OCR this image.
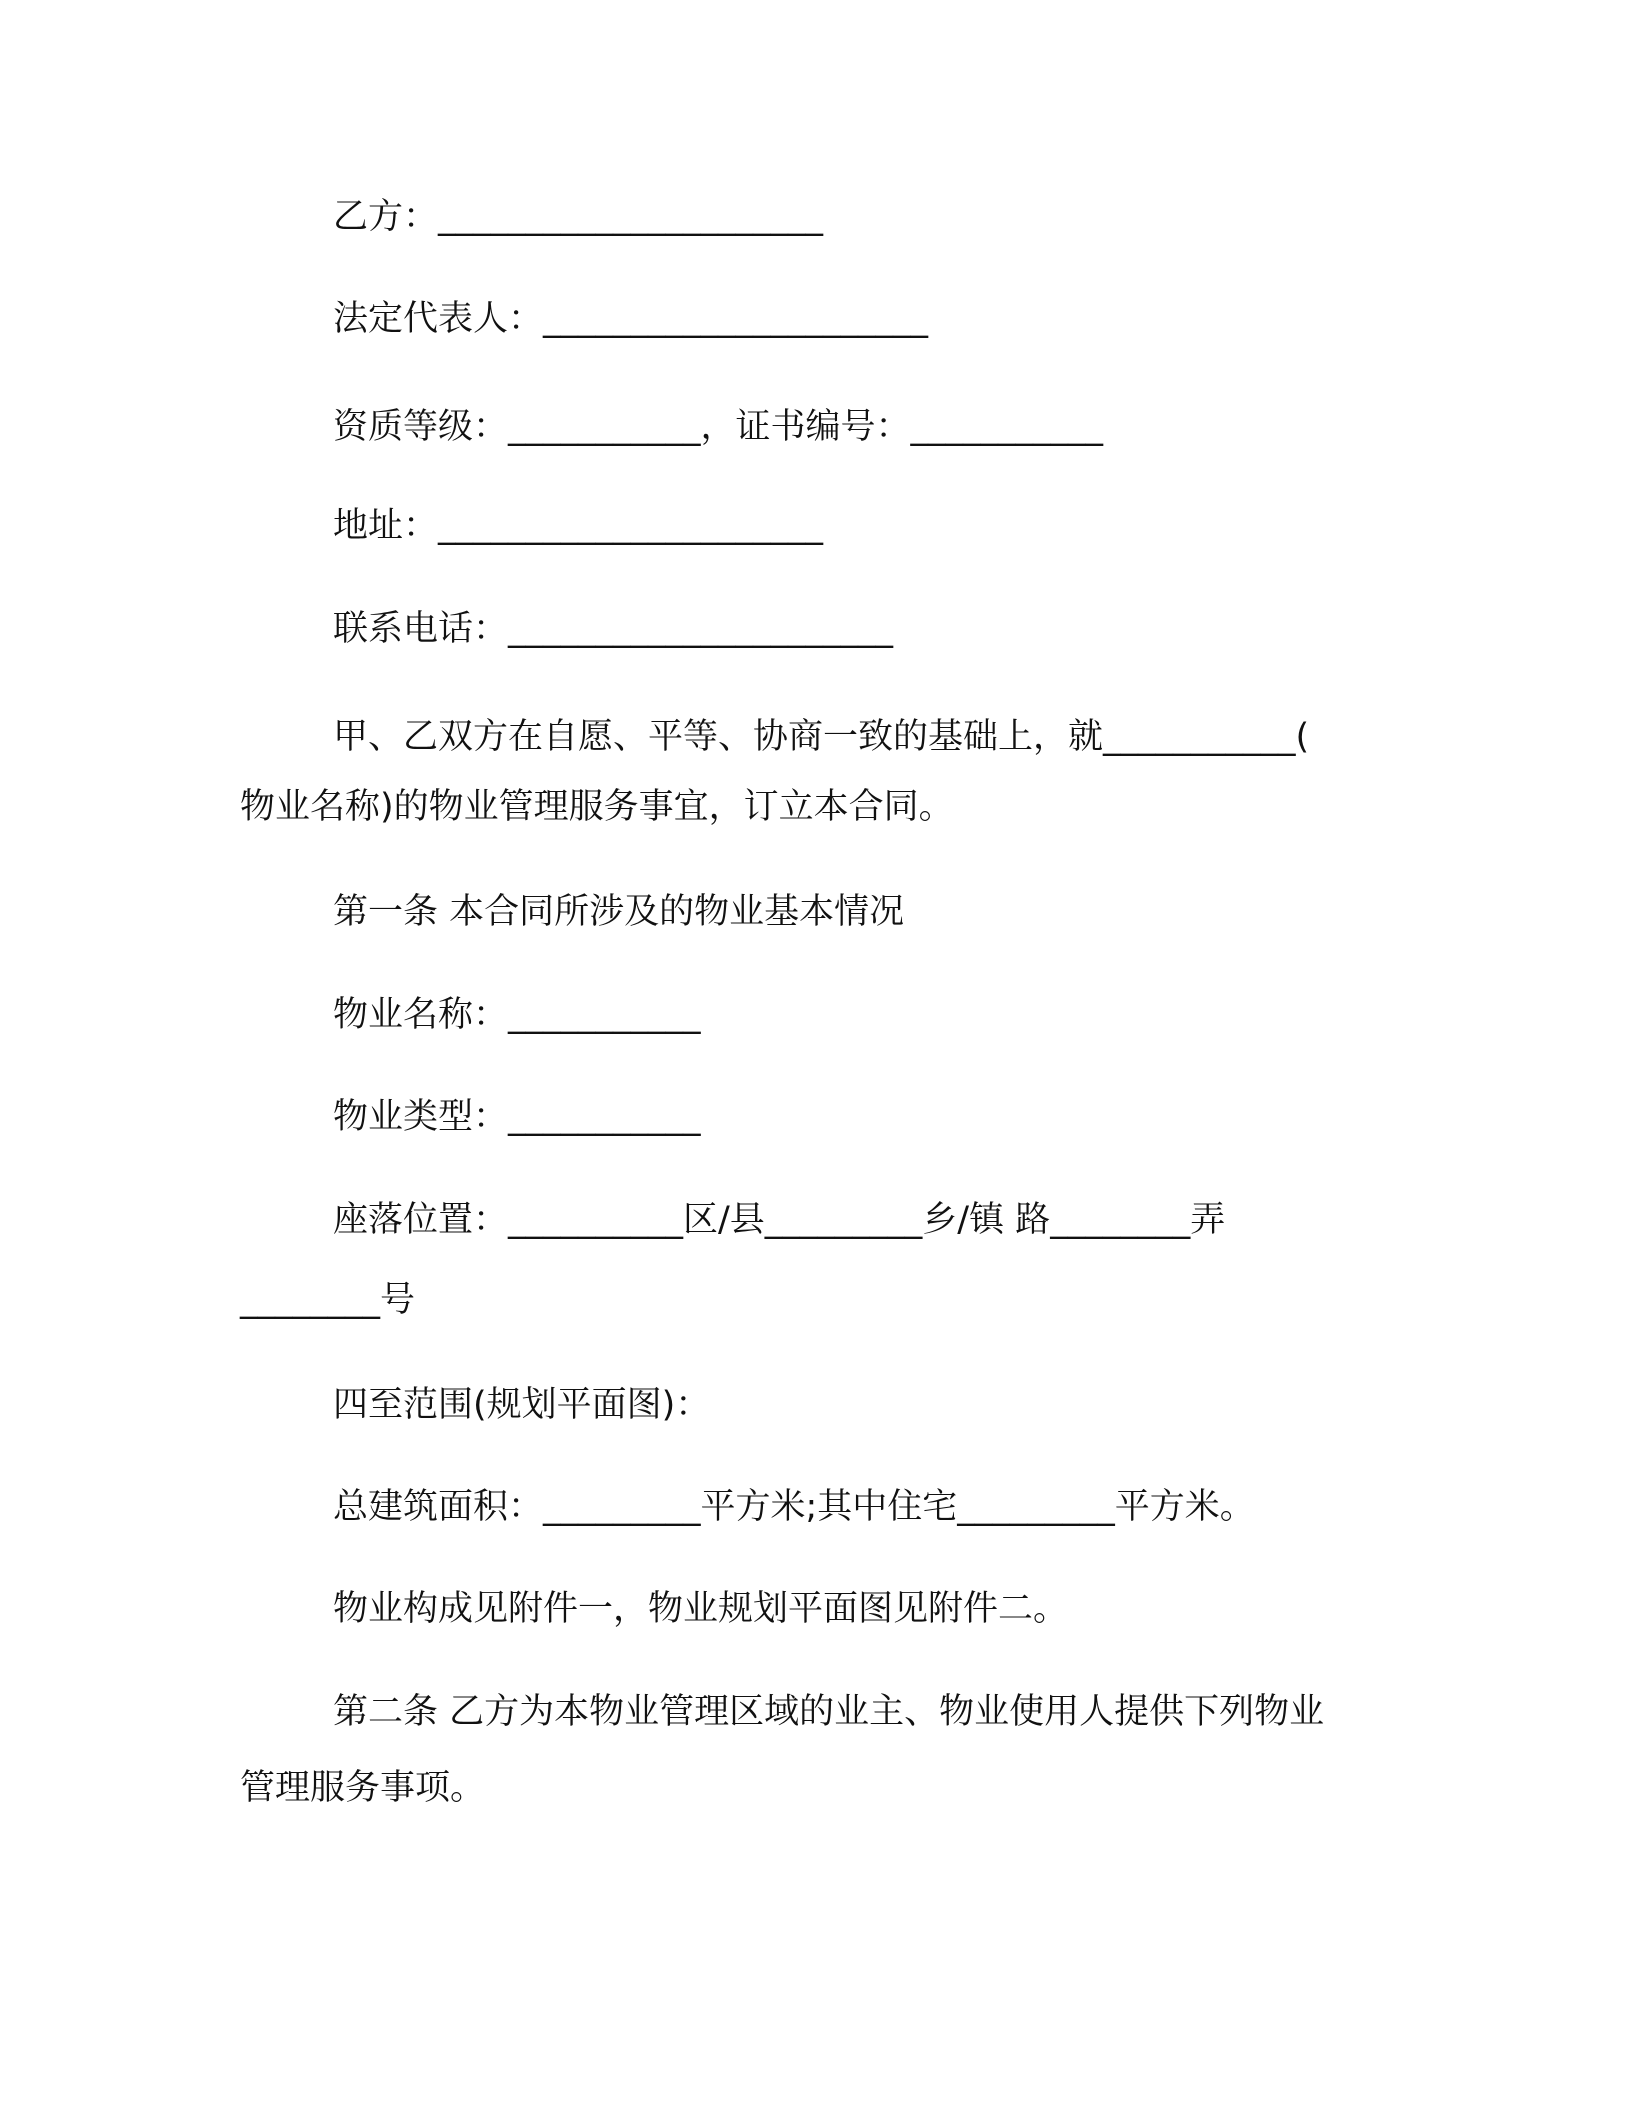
乙方：______________________
法定代表人：______________________
资质等级：___________，证书编号：___________
地址：______________________
联系电话：______________________
甲、乙双方在自愿、平等、协商一致的基础上，就___________(
物业名称)的物业管理服务事宜，订立本合同。
第一条 本合同所涉及的物业基本情况
物业名称：___________
物业类型：___________
座落位置：__________区/县_________乡/镇 路________弄
________号
四至范围(规划平面图)：
总建筑面积：_________平方米;其中住宅_________平方米。
物业构成见附件一，物业规划平面图见附件二。
第二条 乙方为本物业管理区域的业主、物业使用人提供下列物业
管理服务事项。
